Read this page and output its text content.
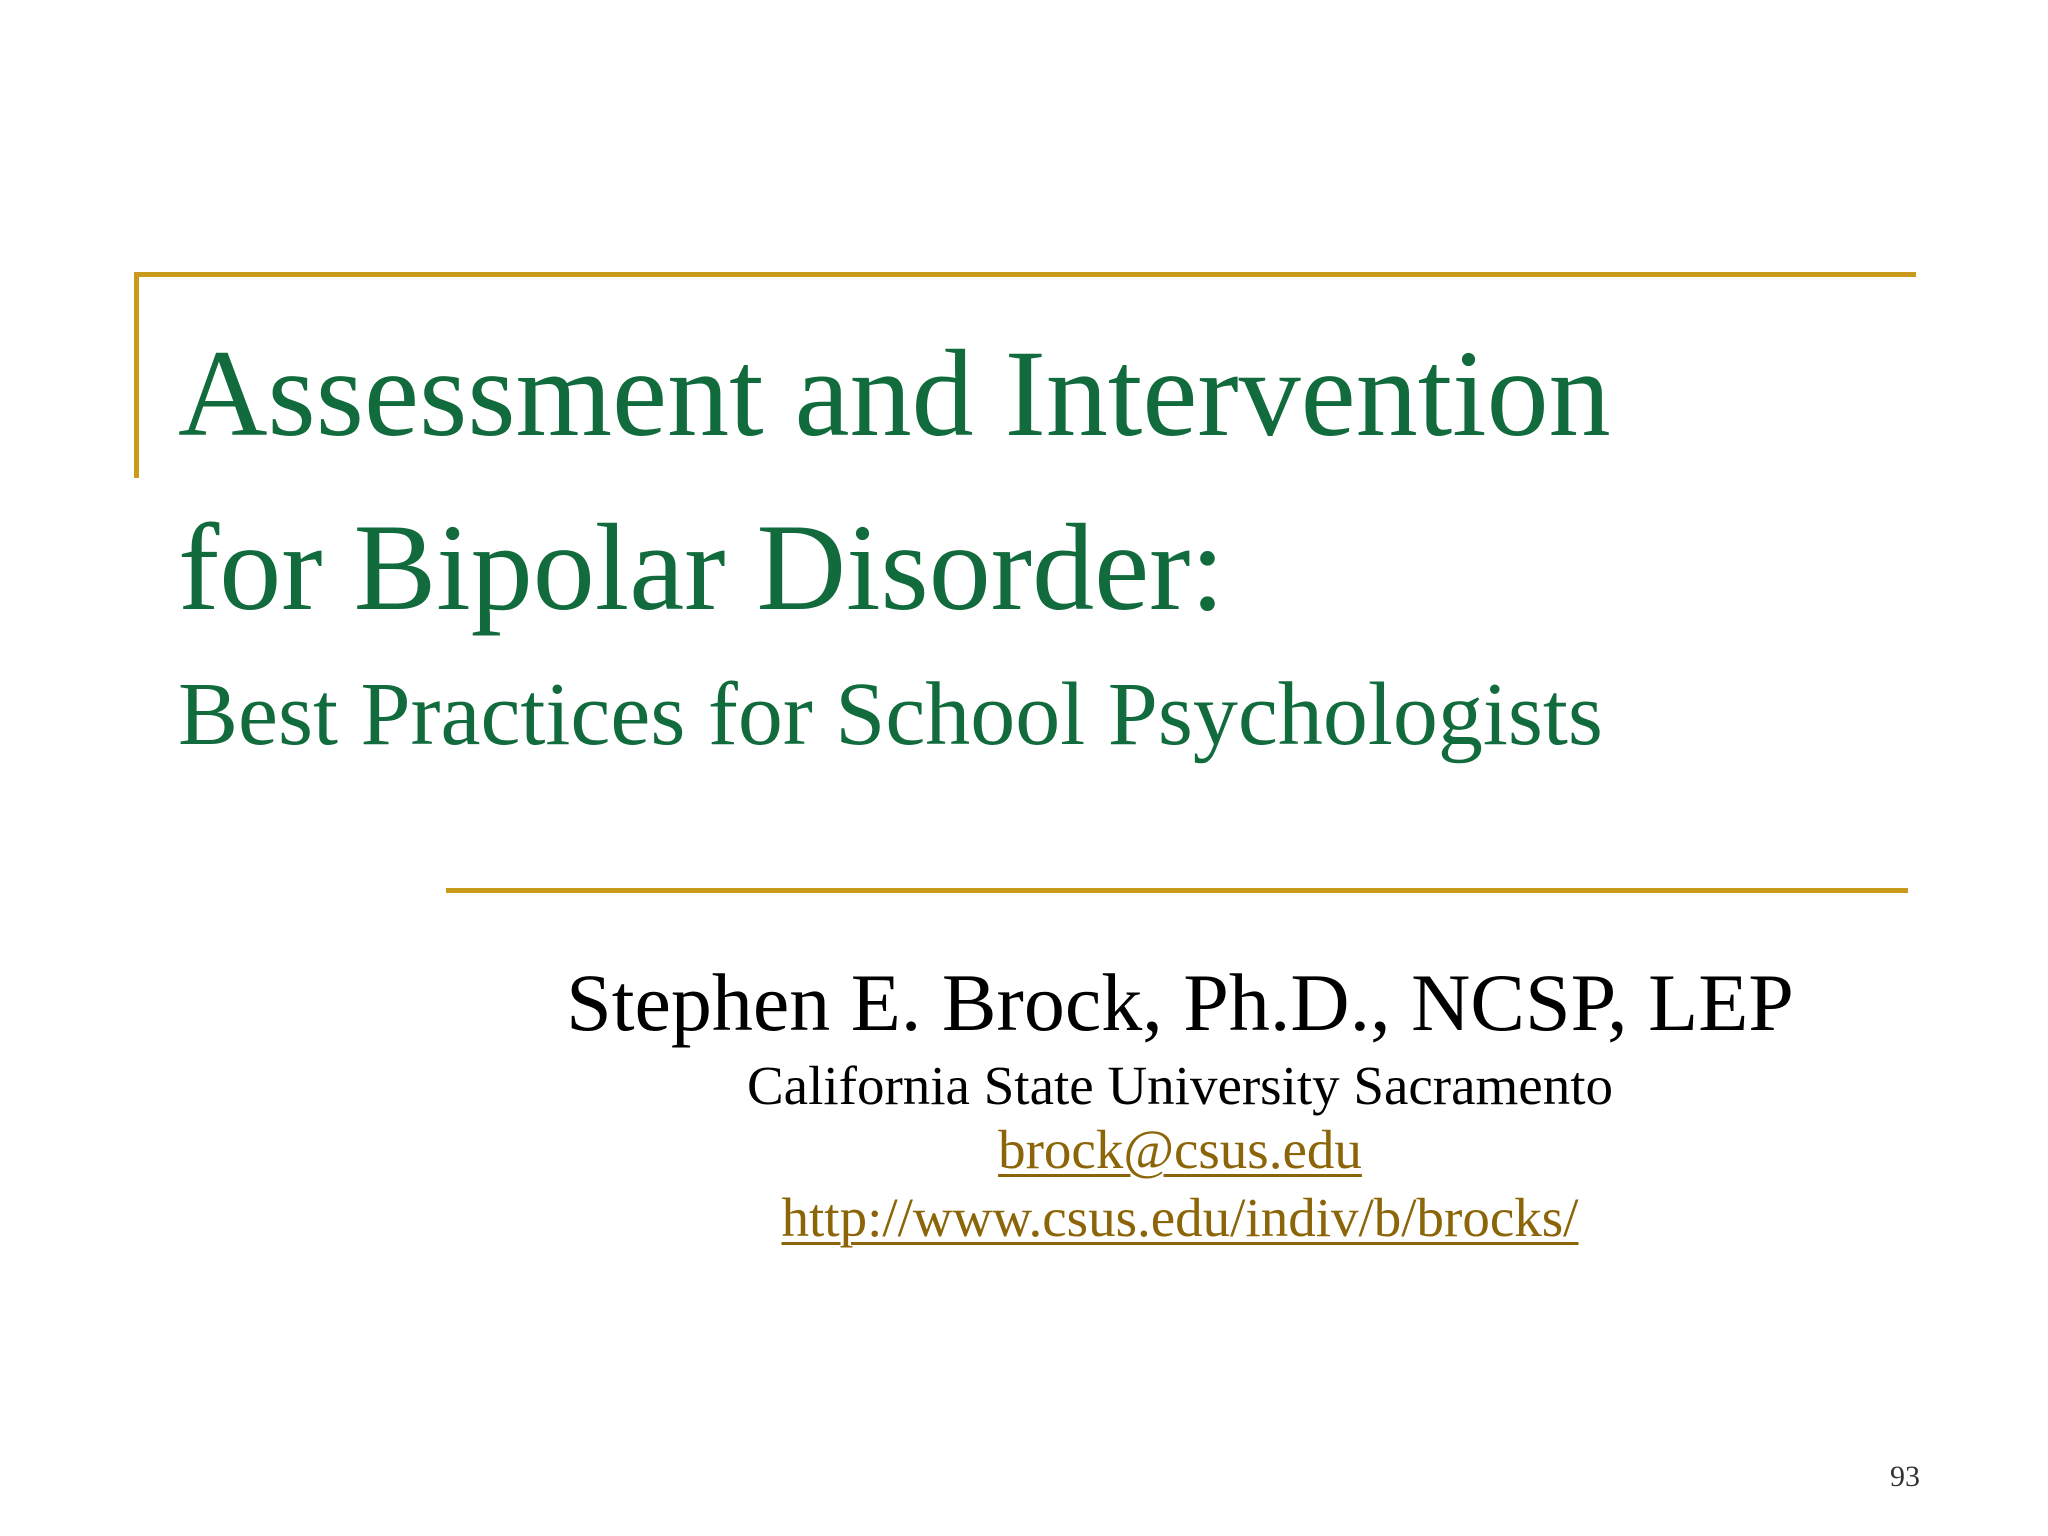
Assessment and Intervention
for Bipolar Disorder:
Best Practices for School Psychologists
Stephen E. Brock, Ph.D., NCSP, LEP
California State University Sacramento
brock@csus.edu
http://www.csus.edu/indiv/b/brocks/
93
